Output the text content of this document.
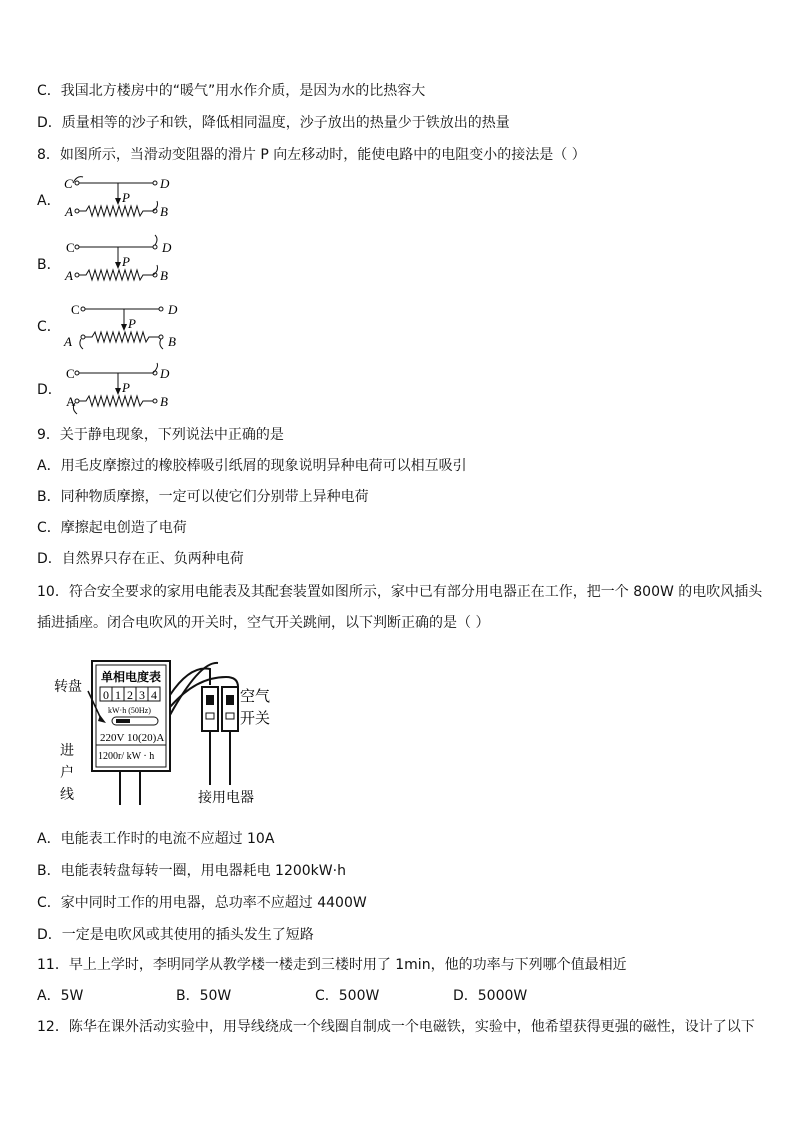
C．我国北方楼房中的“暖气”用水作介质，是因为水的比热容大
D．质量相等的沙子和铁，降低相同温度，沙子放出的热量少于铁放出的热量
8．如图所示，当滑动变阻器的滑片 P 向左移动时，能使电路中的电阻变小的接法是（ ）
A．
B．
C．
D．
C	D
A	B
P
C	D
A	B
P
C	D
A	B
P
C	D
A	B
P
9．关于静电现象，下列说法中正确的是
A．用毛皮摩擦过的橡胶棒吸引纸屑的现象说明异种电荷可以相互吸引
B．同种物质摩擦，一定可以使它们分别带上异种电荷
C．摩擦起电创造了电荷
D．自然界只存在正、负两种电荷
10．符合安全要求的家用电能表及其配套装置如图所示，家中已有部分用电器正在工作，把一个 800W 的电吹风插头
插进插座。闭合电吹风的开关时，空气开关跳闸，以下判断正确的是（ ）
单相电度表
0 1 2 3 4
kW·h (50Hz)
220V 10(20)A
1200r/ kW · h
转盘
进
户
线
空气
开关
接用电器
A．电能表工作时的电流不应超过 10A
B．电能表转盘每转一圈，用电器耗电 1200kW·h
C．家中同时工作的用电器，总功率不应超过 4400W
D．一定是电吹风或其使用的插头发生了短路
11．早上上学时，李明同学从教学楼一楼走到三楼时用了 1min，他的功率与下列哪个值最相近
A．5W	B．50W	C．500W	D．5000W
12．陈华在课外活动实验中，用导线绕成一个线圈自制成一个电磁铁，实验中，他希望获得更强的磁性，设计了以下
